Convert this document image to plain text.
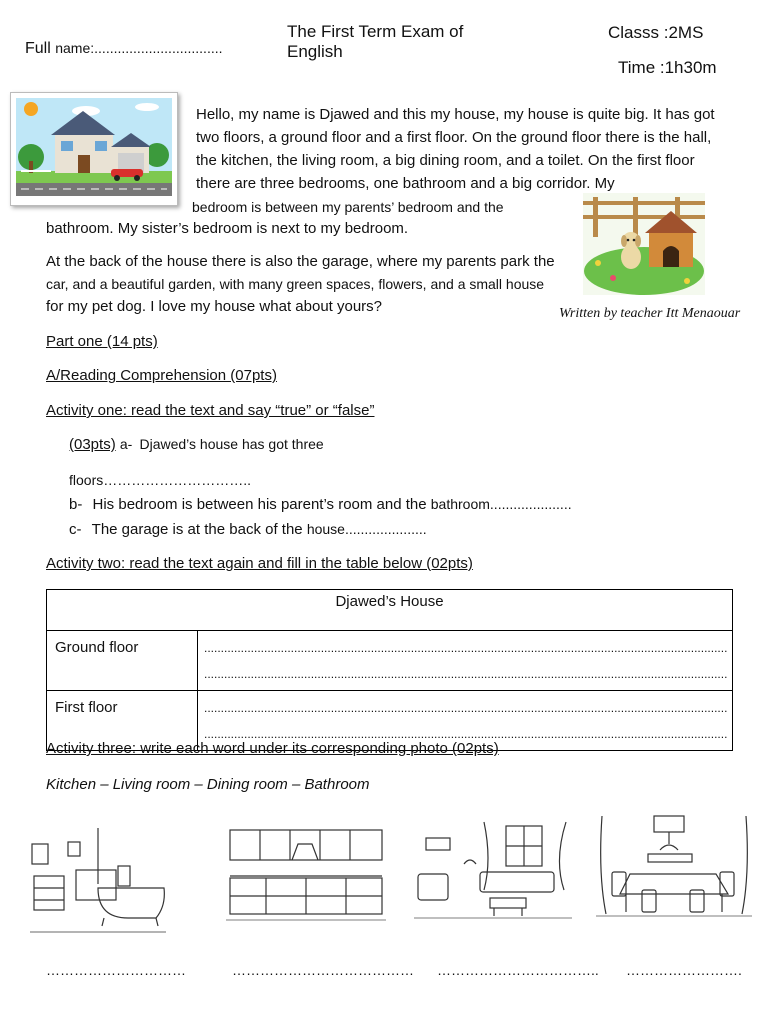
Full name:.................................
The First Term Exam of
English
Classs :2MS
Time :1h30m
Hello, my name is Djawed and this my house, my house is quite big. It has got
two floors, a ground floor and a first floor. On the ground floor there is the hall,
the kitchen, the living room, a big dining room, and a toilet. On the first floor
there are three bedrooms, one bathroom and a big corridor. My
bedroom is between my parents’ bedroom and the
bathroom. My sister’s bedroom is next to my bedroom.
At the back of the house there is also the garage, where my parents park the
car, and a beautiful garden, with many green spaces, flowers, and a small house
for my pet dog. I love my house what about yours?	Written by teacher Itt Menaouar
Part one (14 pts)
A/Reading Comprehension (07pts)
Activity one: read the text and say “true” or “false”
(03pts) a- Djawed’s house has got three
floors…………………………..
b- His bedroom is between his parent’s room and the bathroom.....................
c- The garage is at the back of the house.....................
Activity two: read the text again and fill in the table below (02pts)
Djawed’s House	
Ground floor	.............................................................................................................................................................
.............................................................................................................................................................

First floor	.............................................................................................................................................................
.............................................................................................................................................................
Activity three: write each word under its corresponding photo (02pts)
Kitchen – Living room – Dining room – Bathroom
…………………………	………………………………… …………………………….. …………………….
